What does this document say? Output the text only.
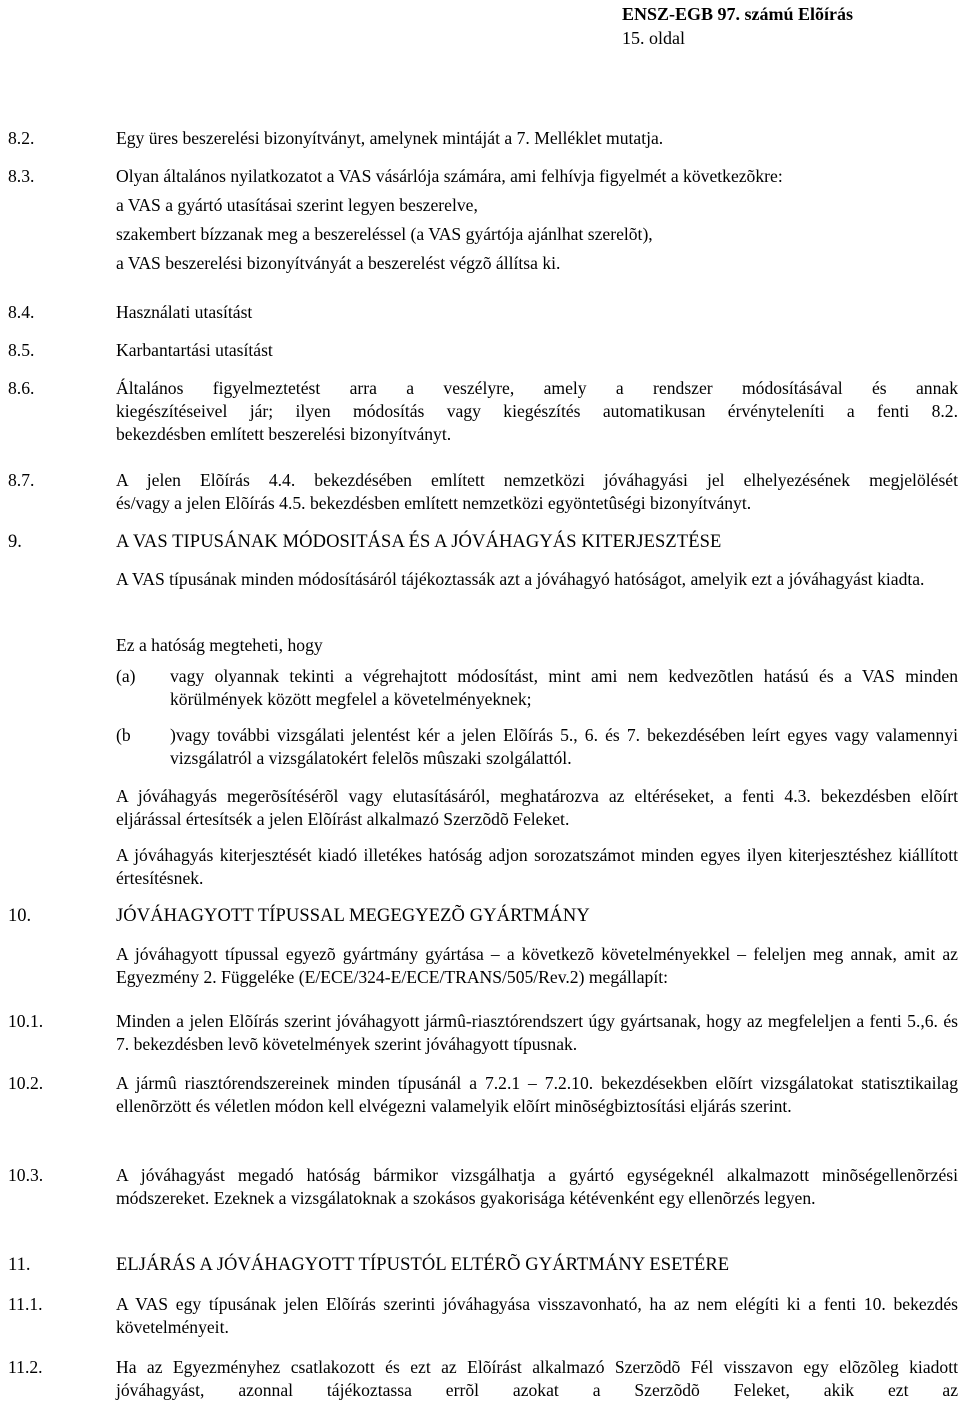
ENSZ-EGB 97. számú Elõírás
15. oldal
8.2.	Egy üres beszerelési bizonyítványt, amelynek mintáját a 7. Melléklet mutatja.
8.3.	Olyan általános nyilatkozatot a VAS vásárlója számára, ami felhívja figyelmét a következõkre:
a VAS a gyártó utasításai szerint legyen beszerelve,
szakembert bízzanak meg a beszereléssel (a VAS gyártója ajánlhat szerelõt),
a VAS beszerelési bizonyítványát a beszerelést végzõ állítsa ki.
8.4.	Használati utasítást
8.5.	Karbantartási utasítást
8.6.	Általános figyelmeztetést arra a veszélyre, amely a rendszer módosításával és annak
kiegészítéseivel jár; ilyen módosítás vagy kiegészítés automatikusan érvényteleníti a fenti 8.2.
bekezdésben említett beszerelési bizonyítványt.
8.7.	A jelen Elõírás 4.4. bekezdésében említett nemzetközi jóváhagyási jel elhelyezésének megjelölését
és/vagy a jelen Elõírás 4.5. bekezdésben említett nemzetközi egyöntetûségi bizonyítványt.
9.	A VAS TIPUSÁNAK MÓDOSITÁSA ÉS A JÓVÁHAGYÁS KITERJESZTÉSE
A VAS típusának minden módosításáról tájékoztassák azt a jóváhagyó hatóságot, amelyik ezt a jóváhagyást kiadta.
Ez a hatóság megteheti, hogy
(a) vagy olyannak tekinti a végrehajtott módosítást, mint ami nem kedvezõtlen hatású és a VAS minden körülmények között megfelel a követelményeknek;
(b )vagy további vizsgálati jelentést kér a jelen Elõírás 5., 6. és 7. bekezdésében leírt egyes vagy valamennyi vizsgálatról a vizsgálatokért felelõs mûszaki szolgálattól.
A jóváhagyás megerõsítésérõl vagy elutasításáról, meghatározva az eltéréseket, a fenti 4.3. bekezdésben elõírt eljárással értesítsék a jelen Elõírást alkalmazó Szerzõdõ Feleket.
A jóváhagyás kiterjesztését kiadó illetékes hatóság adjon sorozatszámot minden egyes ilyen kiterjesztéshez kiállított értesítésnek.
10.	JÓVÁHAGYOTT TÍPUSSAL MEGEGYEZÕ GYÁRTMÁNY
A jóváhagyott típussal egyezõ gyártmány gyártása – a következõ követelményekkel – feleljen meg annak, amit az Egyezmény 2. Függeléke (E/ECE/324-E/ECE/TRANS/505/Rev.2) megállapít:
10.1.	Minden a jelen Elõírás szerint jóváhagyott jármû-riasztórendszert úgy gyártsanak, hogy az megfeleljen a fenti 5.,6. és 7. bekezdésben levõ követelmények szerint jóváhagyott típusnak.
10.2.	A jármû riasztórendszereinek minden típusánál a 7.2.1 – 7.2.10. bekezdésekben elõírt vizsgálatokat statisztikailag ellenõrzött és véletlen módon kell elvégezni valamelyik elõírt minõségbiztosítási eljárás szerint.
10.3.	A jóváhagyást megadó hatóság bármikor vizsgálhatja a gyártó egységeknél alkalmazott minõségellenõrzési módszereket. Ezeknek a vizsgálatoknak a szokásos gyakorisága kétévenként egy ellenõrzés legyen.
11.	ELJÁRÁS A JÓVÁHAGYOTT TÍPUSTÓL ELTÉRÕ GYÁRTMÁNY ESETÉRE
11.1.	A VAS egy típusának jelen Elõírás szerinti jóváhagyása visszavonható, ha az nem elégíti ki a fenti 10. bekezdés követelményeit.
11.2.	Ha az Egyezményhez csatlakozott és ezt az Elõírást alkalmazó Szerzõdõ Fél visszavon egy elõzõleg kiadott jóváhagyást, azonnal tájékoztassa errõl azokat a Szerzõdõ Feleket, akik ezt az
